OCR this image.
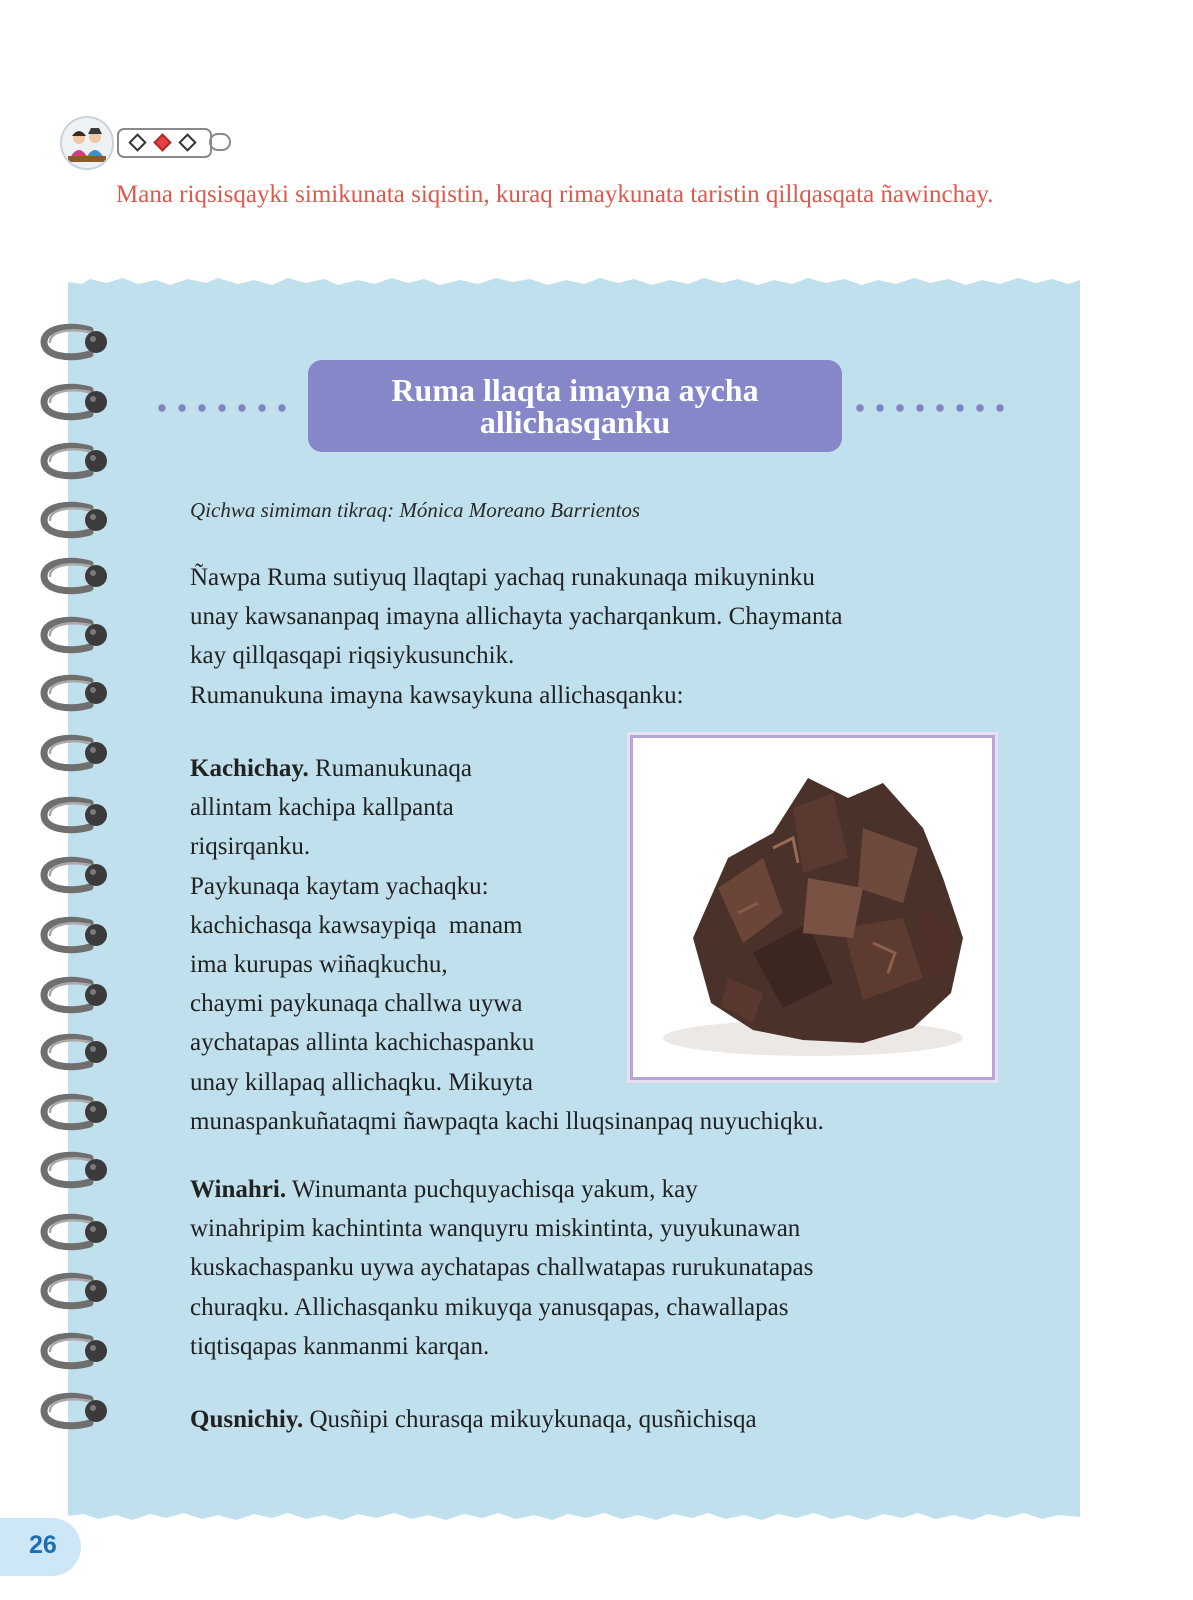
Mana riqsisqayki simikunata siqistin, kuraq rimaykunata taristin qillqasqata ñawinchay.

Ruma llaqta imayna aycha allichasqanku

Qichwa simiman tikraq: Mónica Moreano Barrientos

Ñawpa Ruma sutiyuq llaqtapi yachaq runakunaqa mikuyninku
unay kawsananpaq imayna allichayta yacharqankum. Chaymanta
kay qillqasqapi riqsiykusunchik.
Rumanukuna imayna kawsaykuna allichasqanku:

Kachichay. Rumanukunaqa
allintam kachipa kallpanta
riqsirqanku.
Paykunaqa kaytam yachaqku:
kachichasqa kawsaypiqa  manam
ima kurupas wiñaqkuchu,
chaymi paykunaqa challwa uywa
aychatapas allinta kachichaspanku
unay killapaq allichaqku. Mikuyta
munaspankuñataqmi ñawpaqta kachi lluqsinanpaq nuyuchiqku.

Winahri. Winumanta puchquyachisqa yakum, kay
winahripim kachintinta wanquyru miskintinta, yuyukunawan
kuskachaspanku uywa aychatapas challwatapas rurukunatapas
churaqku. Allichasqanku mikuyqa yanusqapas, chawallapas
tiqtisqapas kanmanmi karqan.

Qusnichiy. Qusñipi churasqa mikuykunaqa, qusñichisqa

26
